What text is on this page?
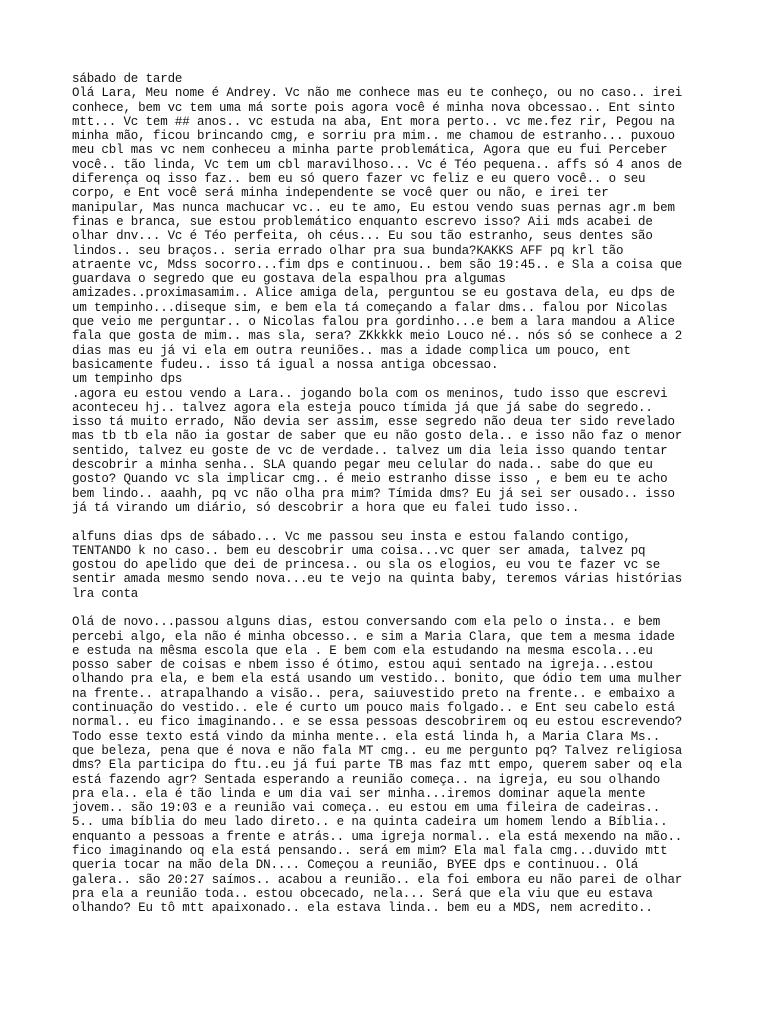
sábado de tarde
Olá Lara, Meu nome é Andrey. Vc não me conhece mas eu te conheço, ou no caso.. irei
conhece, bem vc tem uma má sorte pois agora você é minha nova obcessao.. Ent sinto
mtt... Vc tem ## anos.. vc estuda na aba, Ent mora perto.. vc me.fez rir, Pegou na
minha mão, ficou brincando cmg, e sorriu pra mim.. me chamou de estranho... puxouo
meu cbl mas vc nem conheceu a minha parte problemática, Agora que eu fui Perceber
você.. tão linda, Vc tem um cbl maravilhoso... Vc é Téo pequena.. affs só 4 anos de
diferença oq isso faz.. bem eu só quero fazer vc feliz e eu quero você.. o seu
corpo, e Ent você será minha independente se você quer ou não, e irei ter
manipular, Mas nunca machucar vc.. eu te amo, Eu estou vendo suas pernas agr.m bem
finas e branca, sue estou problemático enquanto escrevo isso? Aii mds acabei de
olhar dnv... Vc é Téo perfeita, oh céus... Eu sou tão estranho, seus dentes são
lindos.. seu braços.. seria errado olhar pra sua bunda?KAKKS AFF pq krl tão
atraente vc, Mdss socorro...fim dps e continuou.. bem são 19:45.. e Sla a coisa que
guardava o segredo que eu gostava dela espalhou pra algumas
amizades..proximasamim.. Alice amiga dela, perguntou se eu gostava dela, eu dps de
um tempinho...diseque sim, e bem ela tá começando a falar dms.. falou por Nicolas
que veio me perguntar.. o Nicolas falou pra gordinho...e bem a lara mandou a Alice
fala que gosta de mim.. mas sla, sera? ZKkkkk meio Louco né.. nós só se conhece a 2
dias mas eu já vi ela em outra reuniões.. mas a idade complica um pouco, ent
basicamente fudeu.. isso tá igual a nossa antiga obcessao.
um tempinho dps
.agora eu estou vendo a Lara.. jogando bola com os meninos, tudo isso que escrevi
aconteceu hj.. talvez agora ela esteja pouco tímida já que já sabe do segredo..
isso tá muito errado, Não devia ser assim, esse segredo não deua ter sido revelado
mas tb tb ela não ia gostar de saber que eu não gosto dela.. e isso não faz o menor
sentido, talvez eu goste de vc de verdade.. talvez um dia leia isso quando tentar
descobrir a minha senha.. SLA quando pegar meu celular do nada.. sabe do que eu
gosto? Quando vc sla implicar cmg.. é meio estranho disse isso , e bem eu te acho
bem lindo.. aaahh, pq vc não olha pra mim? Tímida dms? Eu já sei ser ousado.. isso
já tá virando um diário, só descobrir a hora que eu falei tudo isso..

alfuns dias dps de sábado... Vc me passou seu insta e estou falando contigo,
TENTANDO k no caso.. bem eu descobrir uma coisa...vc quer ser amada, talvez pq
gostou do apelido que dei de princesa.. ou sla os elogios, eu vou te fazer vc se
sentir amada mesmo sendo nova...eu te vejo na quinta baby, teremos várias histórias
lra conta

Olá de novo...passou alguns dias, estou conversando com ela pelo o insta.. e bem
percebi algo, ela não é minha obcesso.. e sim a Maria Clara, que tem a mesma idade
e estuda na mêsma escola que ela . E bem com ela estudando na mesma escola...eu
posso saber de coisas e nbem isso é ótimo, estou aqui sentado na igreja...estou
olhando pra ela, e bem ela está usando um vestido.. bonito, que ódio tem uma mulher
na frente.. atrapalhando a visão.. pera, saiuvestido preto na frente.. e embaixo a
continuação do vestido.. ele é curto um pouco mais folgado.. e Ent seu cabelo está
normal.. eu fico imaginando.. e se essa pessoas descobrirem oq eu estou escrevendo?
Todo esse texto está vindo da minha mente.. ela está linda h, a Maria Clara Ms..
que beleza, pena que é nova e não fala MT cmg.. eu me pergunto pq? Talvez religiosa
dms? Ela participa do ftu..eu já fui parte TB mas faz mtt empo, querem saber oq ela
está fazendo agr? Sentada esperando a reunião começa.. na igreja, eu sou olhando
pra ela.. ela é tão linda e um dia vai ser minha...iremos dominar aquela mente
jovem.. são 19:03 e a reunião vai começa.. eu estou em uma fileira de cadeiras..
5.. uma bíblia do meu lado direto.. e na quinta cadeira um homem lendo a Bíblia..
enquanto a pessoas a frente e atrás.. uma igreja normal.. ela está mexendo na mão..
fico imaginando oq ela está pensando.. será em mim? Ela mal fala cmg...duvido mtt
queria tocar na mão dela DN.... Começou a reunião, BYEE dps e continuou.. Olá
galera.. são 20:27 saímos.. acabou a reunião.. ela foi embora eu não parei de olhar
pra ela a reunião toda.. estou obcecado, nela... Será que ela viu que eu estava
olhando? Eu tô mtt apaixonado.. ela estava linda.. bem eu a MDS, nem acredito..
